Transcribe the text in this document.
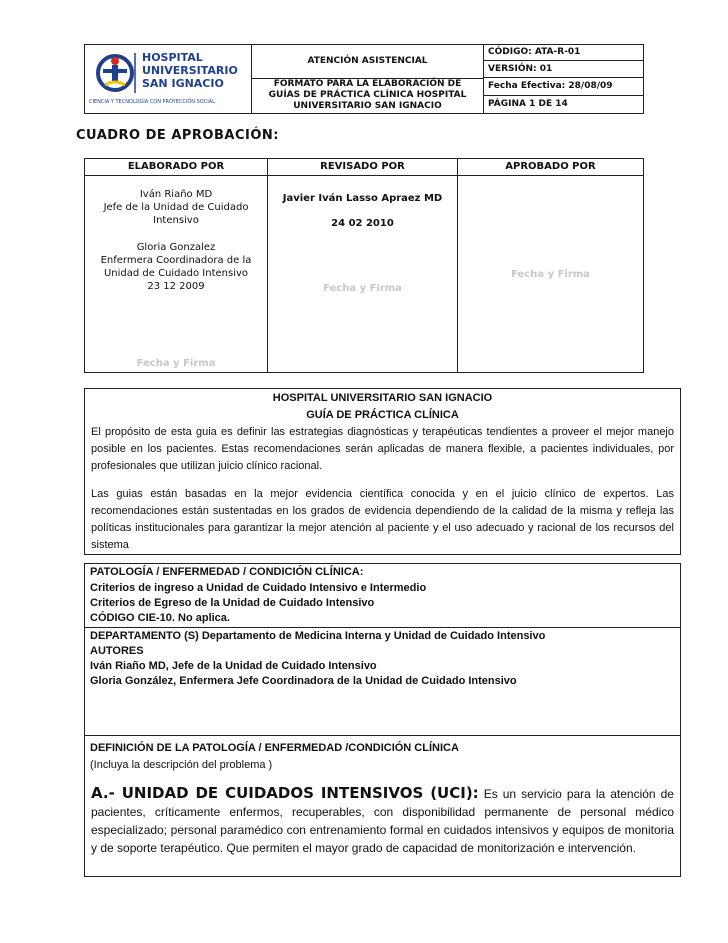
HOSPITAL
UNIVERSITARIO
SAN IGNACIO
CIENCIA Y TECNOLOGÍA CON PROYECCIÓN SOCIAL
ATENCIÓN ASISTENCIAL
FORMATO PARA LA ELABORACIÓN DE
GUÍAS DE PRÁCTICA CLÍNICA HOSPITAL
UNIVERSITARIO SAN IGNACIO
CÓDIGO: ATA-R-01
VERSIÓN: 01
Fecha Efectiva: 28/08/09
PÁGINA 1 DE 14
CUADRO DE APROBACIÓN:
ELABORADO POR
Iván Riaño MD
Jefe de la Unidad de Cuidado
Intensivo
Gloria Gonzalez
Enfermera Coordinadora de la
Unidad de Cuidado Intensivo
23 12 2009
Fecha y Firma
REVISADO POR
Javier Iván Lasso Apraez MD
24 02 2010
Fecha y Firma
APROBADO POR
Fecha y Firma
HOSPITAL UNIVERSITARIO SAN IGNACIO
GUÍA DE PRÁCTICA CLÍNICA

El propósito de esta guia es definir las estrategias diagnósticas y terapéuticas tendientes a proveer el mejor manejo posible en los pacientes. Estas recomendaciones serán aplicadas de manera flexible, a pacientes individuales, por profesionales que utilizan juicio clínico racional.

Las guias están basadas en la mejor evidencia científica conocida y en el juicio clínico de expertos. Las recomendaciones están sustentadas en los grados de evidencia dependiendo de la calidad de la misma y refleja las políticas institucionales para garantizar la mejor atención al paciente y el uso adecuado y racional de los recursos del sistema

PATOLOGÍA / ENFERMEDAD / CONDICIÓN CLÍNICA:
Criterios de ingreso a Unidad de Cuidado Intensivo e Intermedio
Criterios de Egreso de la Unidad de Cuidado Intensivo
CÓDIGO CIE-10. No aplica.
DEPARTAMENTO (S) Departamento de Medicina Interna y Unidad de Cuidado Intensivo
AUTORES
Iván Riaño MD, Jefe de la Unidad de Cuidado Intensivo
Gloria González, Enfermera Jefe Coordinadora de la Unidad de Cuidado Intensivo
DEFINICIÓN DE LA PATOLOGÍA / ENFERMEDAD /CONDICIÓN CLÍNICA
(Incluya la descripción del problema )

A.- UNIDAD DE CUIDADOS INTENSIVOS (UCI): Es un servicio para la atención de pacientes, críticamente enfermos, recuperables, con disponibilidad permanente de personal médico especializado; personal paramédico con entrenamiento formal en cuidados intensivos y equipos de monitoria y de soporte terapéutico. Que permiten el mayor grado de capacidad de monitorización e intervención.
